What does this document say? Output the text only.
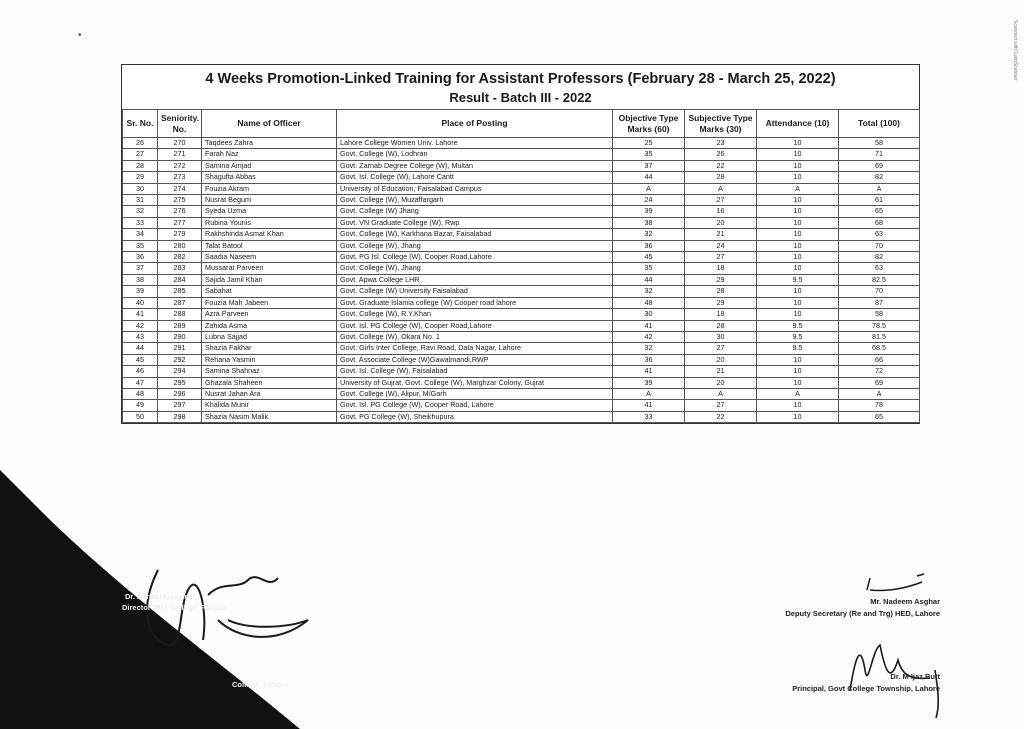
Scanned with CamScanner
•
4 Weeks Promotion-Linked Training for Assistant Professors (February 28 - March 25, 2022)
Result - Batch III - 2022
Sr. No.	Seniority. No.	Name of Officer	Place of Posting	Objective Type Marks (60)	Subjective Type Marks (30)	Attendance (10)	Total (100)
26	270	Taqdees Zahra	Lahore College Women Univ. Lahore	25	23	10	58
27	271	Farah Naz	Govt. College (W), Lodhran	35	26	10	71
28	272	Samina Amjad	Govt. Zarnab Degree College (W), Multan	37	22	10	69
29	273	Shagufta Abbas	Govt. Isl. College (W), Lahore Cantt	44	28	10	82
30	274	Fouzia Akram	University of Education, Faisalabad Campus	A	A	A	A
31	275	Nusrat Begum	Govt. College (W), Muzaffargarh	24	27	10	61
32	276	Syeda Uzma	Govt. College (W) Jhang	39	16	10	65
33	277	Rubina Younis	Govt. VN Graduate College (W), Rwp	38	20	10	68
34	279	Rakhshinda Asmat Khan	Govt. College (W), Karkhana Bazar, Faisalabad	32	21	10	63
35	280	Talat Batool	Govt. College (W), Jhang	36	24	10	70
36	282	Saadia Naseem	Govt. PG Isl. College (W), Cooper Road,Lahore	45	27	10	82
37	283	Mussarat Parveen	Govt. College (W), Jhang	35	18	10	63
38	284	Sajida Jamil Khan	Govt. Apwa College LHR	44	29	9.5	82.5
39	285	Sabahat	Govt. College (W) University Faisalabad	32	28	10	70
40	287	Fouzia Mah Jabeen	Govt. Graduate Islamia college (W) Cooper road lahore	48	29	10	87
41	288	Azra Parveen	Govt. College (W), R.Y.Khan	30	18	10	58
42	289	Zahida Asma	Govt. Isl. PG College (W), Cooper Road,Lahore	41	28	9.5	78.5
43	290	Lubna Sajjad	Govt. College (W), Okara No. 1	42	30	9.5	81.5
44	291	Shazia Fakhar	Govt. Girls Inter College, Ravi Road, Data Nagar, Lahore	32	27	9.5	68.5
45	292	Rehana Yasmin	Govt. Associate College (W)Gawalmandi,RWP	36	20	10	66
46	294	Samina Shahnaz	Govt. Isl. College (W), Faisalabad	41	21	10	72
47	295	Ghazala Shaheen	University of Gujrat, Govt. College (W), Marghzar Colony, Gujrat	39	20	10	69
48	296	Nusrat Jahan Ara	Govt. College (W), Alipur, M/Garh	A	A	A	A
49	297	Khalida Munir	Govt. Isl. PG College (W), Cooper Road, Lahore	41	27	10	78
50	298	Shazia Nasim Malik	Govt. PG College (W), Sheikhupura	33	22	10	65
Dr. Ashiq Hussain
Director (PT) College, Punjab
College, Lahore
Mr. Nadeem Asghar
Deputy Secretary (Re and Trg) HED, Lahore
Dr. M Ijaz Butt
Principal, Govt College Township, Lahore
